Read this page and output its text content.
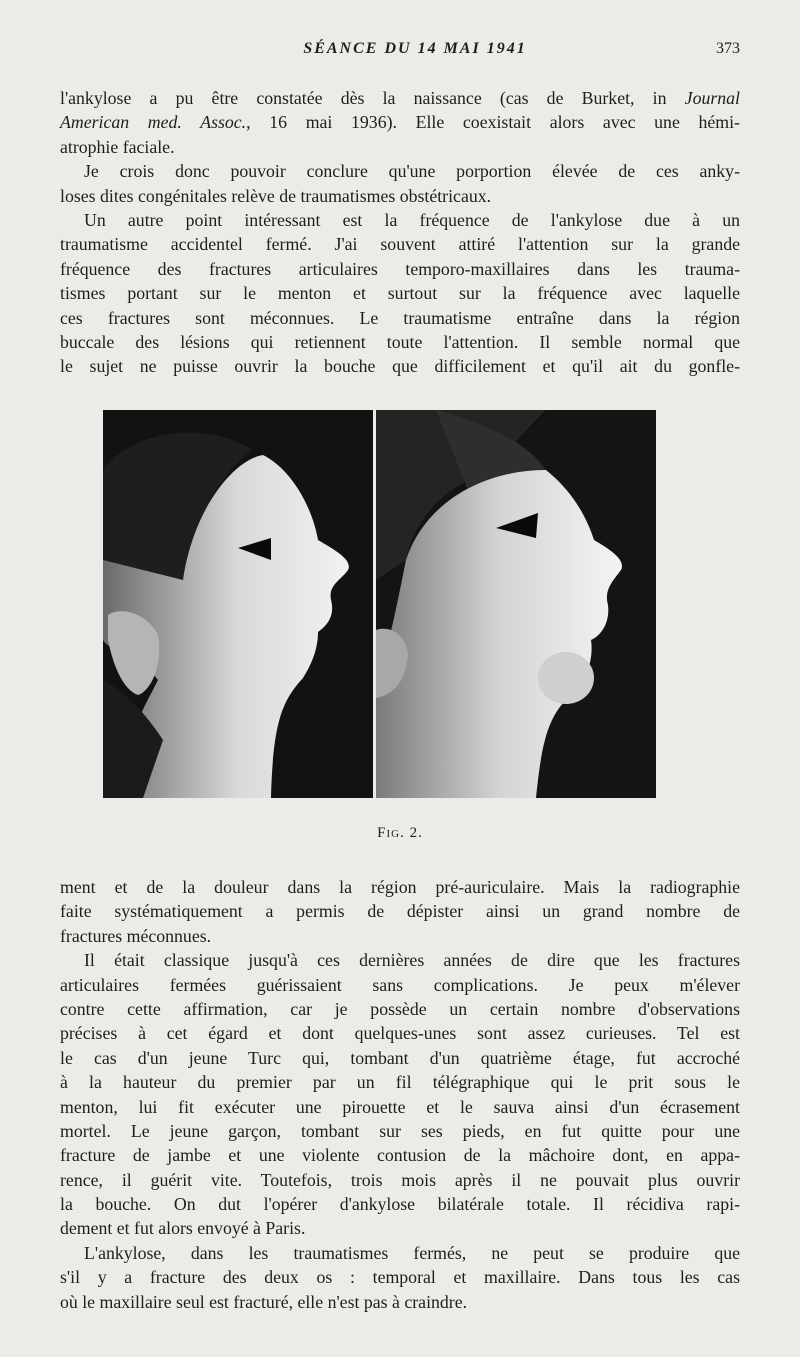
SÉANCE DU 14 MAI 1941	373
l'ankylose a pu être constatée dès la naissance (cas de Burket, in Journal
American med. Assoc., 16 mai 1936). Elle coexistait alors avec une hémi-
atrophie faciale.
Je crois donc pouvoir conclure qu'une porportion élevée de ces anky-
loses dites congénitales relève de traumatismes obstétricaux.
Un autre point intéressant est la fréquence de l'ankylose due à un
traumatisme accidentel fermé. J'ai souvent attiré l'attention sur la grande
fréquence des fractures articulaires temporo-maxillaires dans les trauma-
tismes portant sur le menton et surtout sur la fréquence avec laquelle
ces fractures sont méconnues. Le traumatisme entraîne dans la région
buccale des lésions qui retiennent toute l'attention. Il semble normal que
le sujet ne puisse ouvrir la bouche que difficilement et qu'il ait du gonfle-
Fig. 2.
ment et de la douleur dans la région pré-auriculaire. Mais la radiographie
faite systématiquement a permis de dépister ainsi un grand nombre de
fractures méconnues.
Il était classique jusqu'à ces dernières années de dire que les fractures
articulaires fermées guérissaient sans complications. Je peux m'élever
contre cette affirmation, car je possède un certain nombre d'observations
précises à cet égard et dont quelques-unes sont assez curieuses. Tel est
le cas d'un jeune Turc qui, tombant d'un quatrième étage, fut accroché
à la hauteur du premier par un fil télégraphique qui le prit sous le
menton, lui fit exécuter une pirouette et le sauva ainsi d'un écrasement
mortel. Le jeune garçon, tombant sur ses pieds, en fut quitte pour une
fracture de jambe et une violente contusion de la mâchoire dont, en appa-
rence, il guérit vite. Toutefois, trois mois après il ne pouvait plus ouvrir
la bouche. On dut l'opérer d'ankylose bilatérale totale. Il récidiva rapi-
dement et fut alors envoyé à Paris.
L'ankylose, dans les traumatismes fermés, ne peut se produire que
s'il y a fracture des deux os : temporal et maxillaire. Dans tous les cas
où le maxillaire seul est fracturé, elle n'est pas à craindre.
